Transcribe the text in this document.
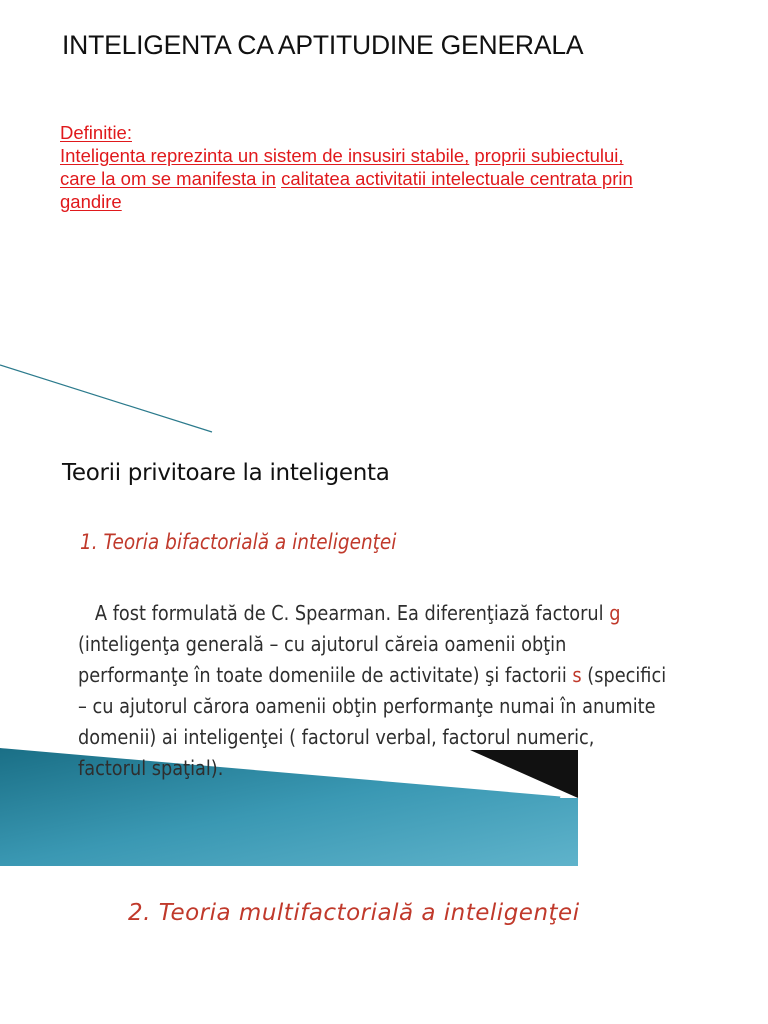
INTELIGENTA CA APTITUDINE GENERALA

Definitie:

Inteligenta reprezinta un sistem de insusiri stabile, proprii subiectului, care la om se manifesta in calitatea activitatii intelectuale centrata prin gandire

Teorii privitoare la inteligenta
1. Teoria bifactorială a inteligenţei
A fost formulată de C. Spearman. Ea diferenţiază factorul g (inteligenţa generală – cu ajutorul căreia oamenii obţin performanţe în toate domeniile de activitate) şi factorii s (specifici – cu ajutorul cărora oamenii obţin performanţe numai în anumite domenii) ai inteligenţei ( factorul verbal, factorul numeric, factorul spaţial).
2. Teoria multifactorială a inteligenţei
